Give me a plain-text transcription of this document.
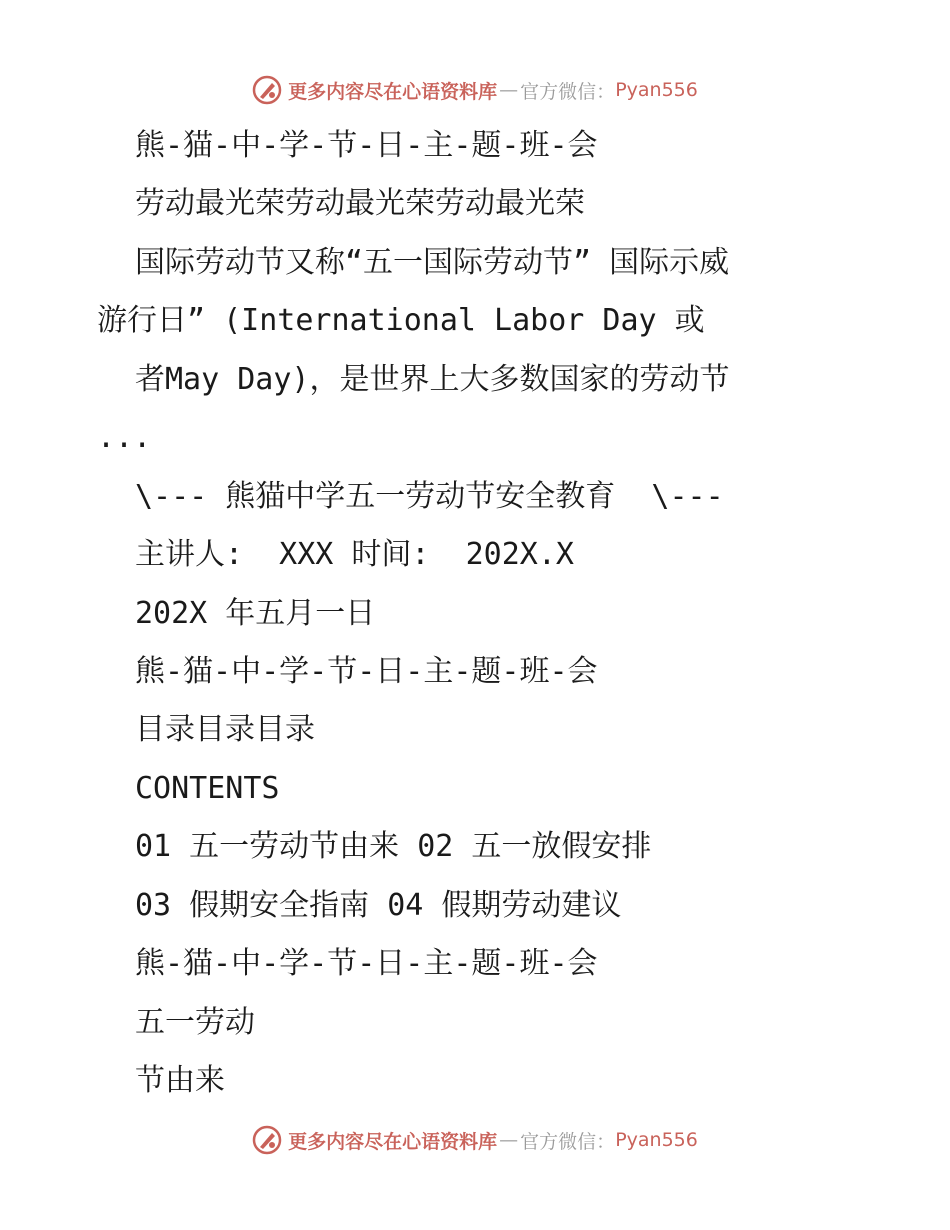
更多内容尽在心语资料库 — 官方微信： Pyan556
熊-猫-中-学-节-日-主-题-班-会
劳动最光荣劳动最光荣劳动最光荣
国际劳动节又称“五一国际劳动节” 国际示威
游行日” (International Labor Day 或
者May Day)，是世界上大多数国家的劳动节
...
\--- 熊猫中学五一劳动节安全教育  \---
主讲人:  XXX 时间:  202X.X
202X 年五月一日
熊-猫-中-学-节-日-主-题-班-会
目录目录目录
CONTENTS
01 五一劳动节由来 02 五一放假安排
03 假期安全指南 04 假期劳动建议
熊-猫-中-学-节-日-主-题-班-会
五一劳动
节由来
更多内容尽在心语资料库 — 官方微信： Pyan556
